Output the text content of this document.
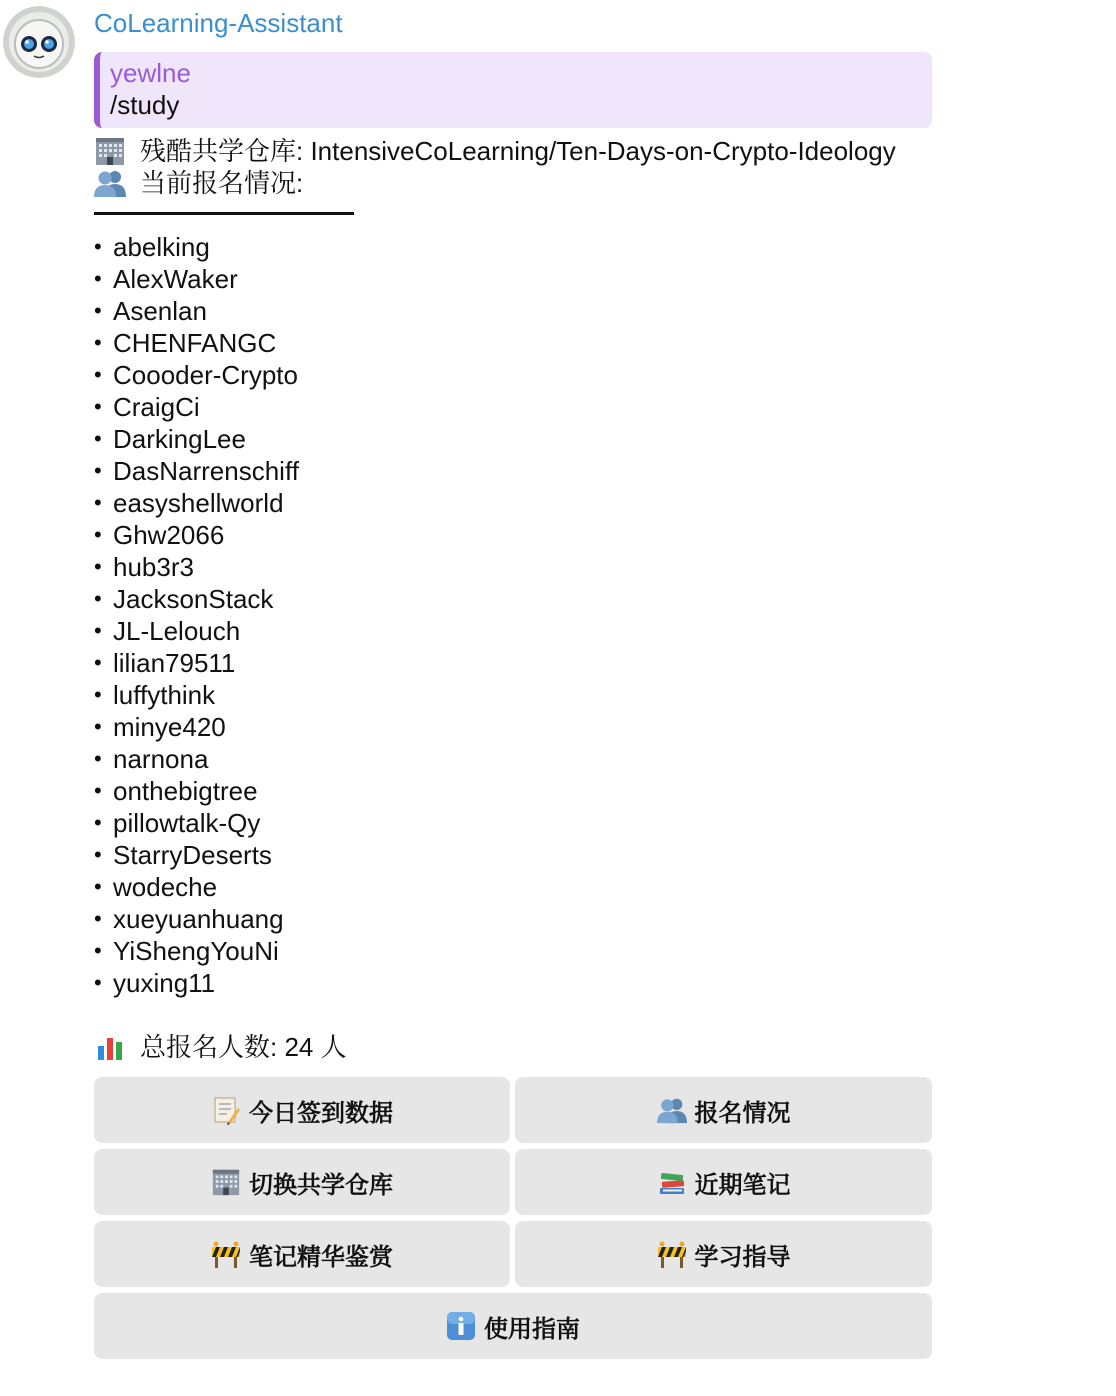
CoLearning-Assistant
yewlne
/study
残酷共学仓库: IntensiveCoLearning/Ten-Days-on-Crypto-Ideology
当前报名情况:
• abelking
• AlexWaker
• Asenlan
• CHENFANGC
• Coooder-Crypto
• CraigCi
• DarkingLee
• DasNarrenschiff
• easyshellworld
• Ghw2066
• hub3r3
• JacksonStack
• JL-Lelouch
• lilian79511
• luffythink
• minye420
• narnona
• onthebigtree
• pillowtalk-Qy
• StarryDeserts
• wodeche
• xueyuanhuang
• YiShengYouNi
• yuxing11
总报名人数: 24 人
今日签到数据	报名情况
切换共学仓库	近期笔记
笔记精华鉴赏	学习指导
使用指南
